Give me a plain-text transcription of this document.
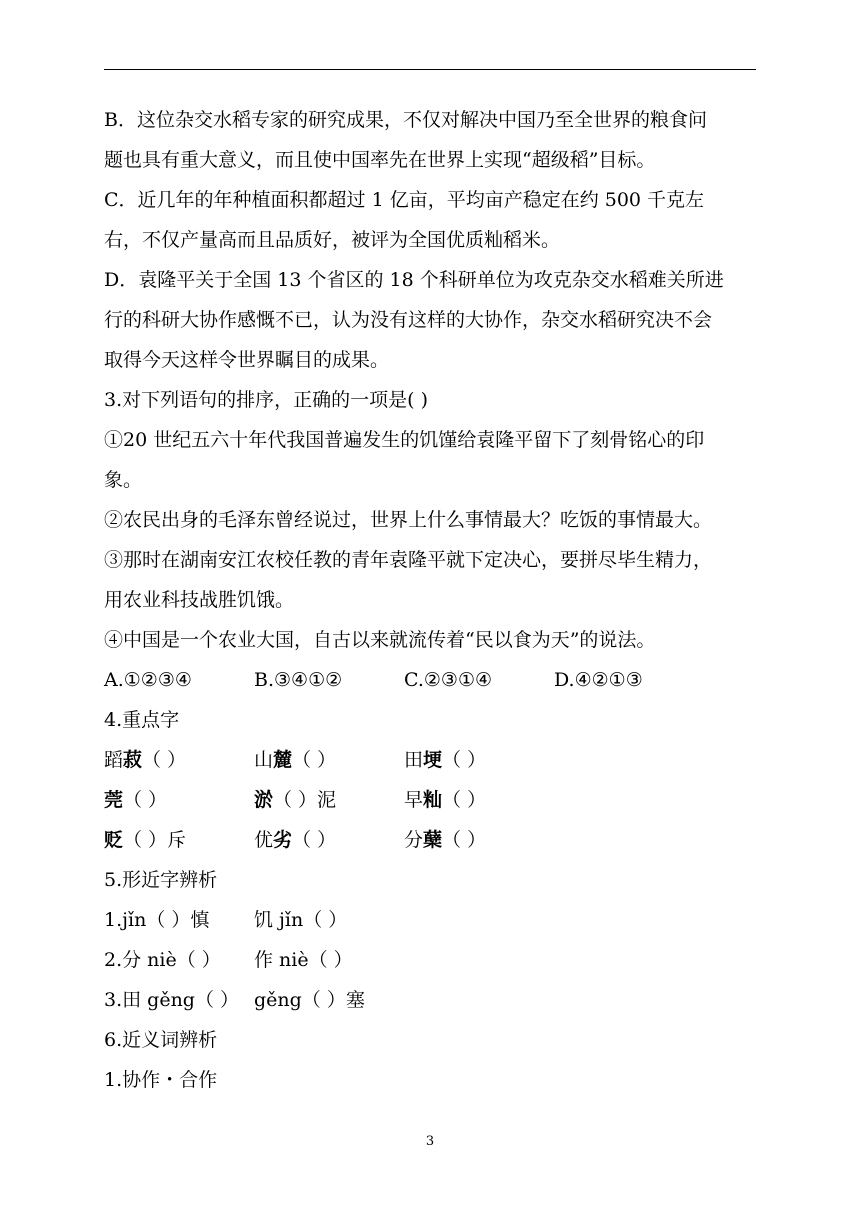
B．这位杂交水稻专家的研究成果，不仅对解决中国乃至全世界的粮食问
题也具有重大意义，而且使中国率先在世界上实现“超级稻”目标。
C．近几年的年种植面积都超过 1 亿亩，平均亩产稳定在约 500 千克左
右，不仅产量高而且品质好，被评为全国优质籼稻米。
D．袁隆平关于全国 13 个省区的 18 个科研单位为攻克杂交水稻难关所进
行的科研大协作感慨不已，认为没有这样的大协作，杂交水稻研究决不会
取得今天这样令世界瞩目的成果。
3.对下列语句的排序，正确的一项是( )
①20 世纪五六十年代我国普遍发生的饥馑给袁隆平留下了刻骨铭心的印
象。
②农民出身的毛泽东曾经说过，世界上什么事情最大？吃饭的事情最大。
③那时在湖南安江农校任教的青年袁隆平就下定决心，要拼尽毕生精力，
用农业科技战胜饥饿。
④中国是一个农业大国，自古以来就流传着“民以食为天”的说法。
A.①②③④	B.③④①②	C.②③①④	D.④②①③
4.重点字
蹈菽（ ）	山麓（ ）	田埂（ ）
莞（ ）	淤（ ）泥	早籼（ ）
贬（ ）斥	优劣（ ）	分蘖（ ）
5.形近字辨析
1.jǐn（ ）慎 饥 jǐn（ ）
2.分 niè（ ） 作 niè（ ）
3.田 gěng（ ） gěng（ ）塞
6.近义词辨析
1.协作・合作
3
